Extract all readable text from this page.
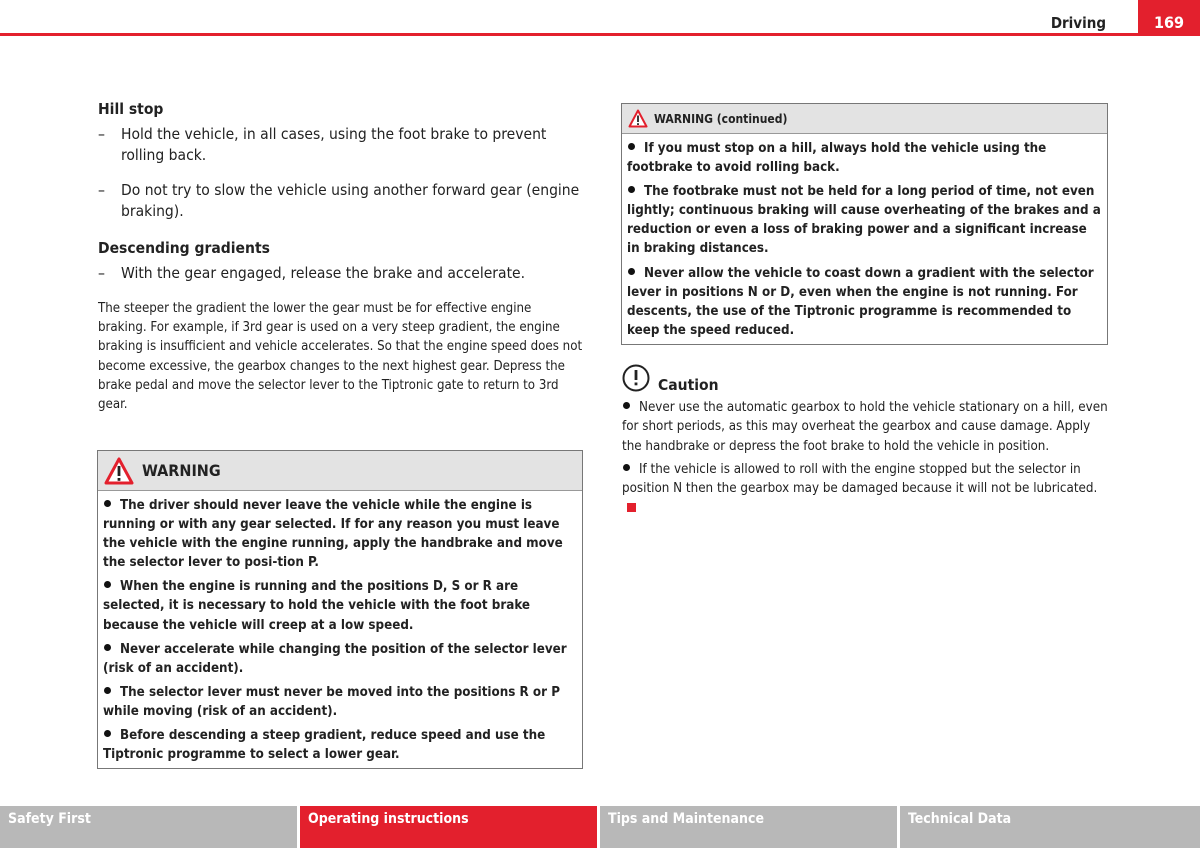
Driving	169
Hill stop
– Hold the vehicle, in all cases, using the foot brake to prevent rolling back.
– Do not try to slow the vehicle using another forward gear (engine braking).
Descending gradients
– With the gear engaged, release the brake and accelerate.
The steeper the gradient the lower the gear must be for effective engine braking. For example, if 3rd gear is used on a very steep gradient, the engine braking is insufficient and vehicle accelerates. So that the engine speed does not become excessive, the gearbox changes to the next highest gear. Depress the brake pedal and move the selector lever to the Tiptronic gate to return to 3rd gear.
WARNING

The driver should never leave the vehicle while the engine is running or with any gear selected. If for any reason you must leave the vehicle with the engine running, apply the handbrake and move the selector lever to posi-tion P.

When the engine is running and the positions D, S or R are selected, it is necessary to hold the vehicle with the foot brake because the vehicle will creep at a low speed.

Never accelerate while changing the position of the selector lever (risk of an accident).

The selector lever must never be moved into the positions R or P while moving (risk of an accident).

Before descending a steep gradient, reduce speed and use the Tiptronic programme to select a lower gear.

WARNING (continued)

If you must stop on a hill, always hold the vehicle using the footbrake to avoid rolling back.

The footbrake must not be held for a long period of time, not even lightly; continuous braking will cause overheating of the brakes and a reduction or even a loss of braking power and a significant increase in braking distances.

Never allow the vehicle to coast down a gradient with the selector lever in positions N or D, even when the engine is not running. For descents, the use of the Tiptronic programme is recommended to keep the speed reduced.

Caution

Never use the automatic gearbox to hold the vehicle stationary on a hill, even for short periods, as this may overheat the gearbox and cause damage. Apply the handbrake or depress the foot brake to hold the vehicle in position.

If the vehicle is allowed to roll with the engine stopped but the selector in position N then the gearbox may be damaged because it will not be lubricated.

Safety First	Operating instructions	Tips and Maintenance	Technical Data
